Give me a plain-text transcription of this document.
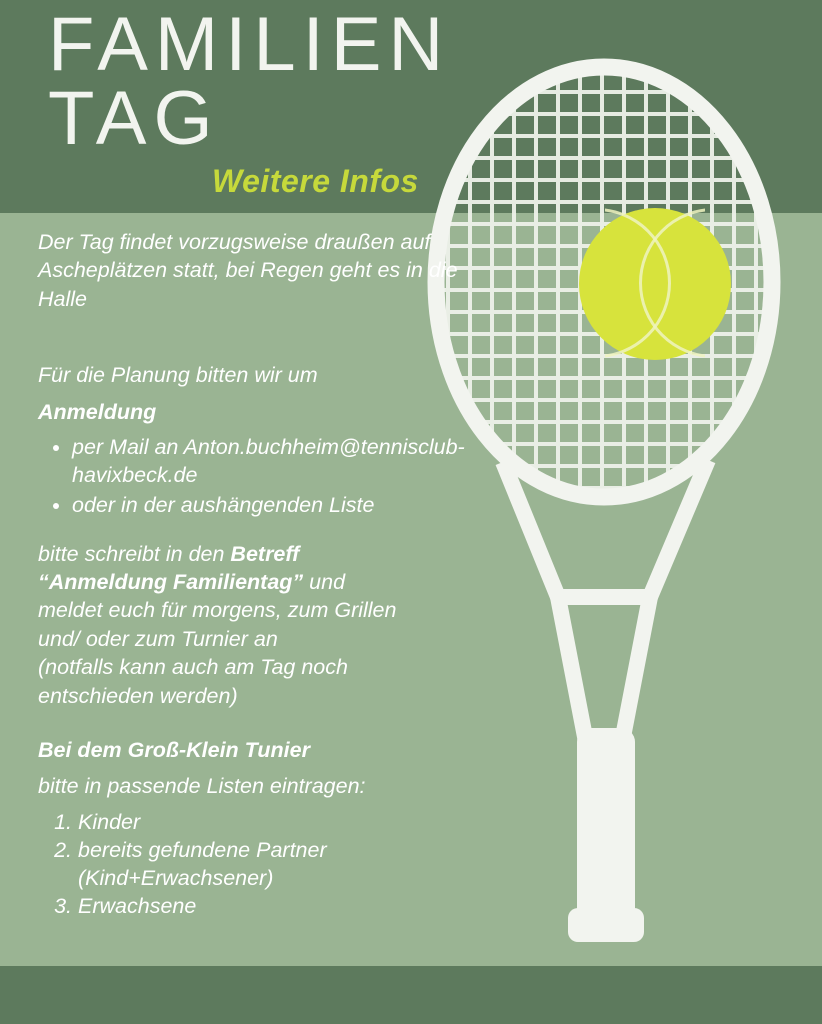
FAMILIEN
TAG
Weitere Infos

Der Tag findet vorzugsweise draußen auf Ascheplätzen statt, bei Regen geht es in die Halle

Für die Planung bitten wir um

Anmeldung

• per Mail an Anton.buchheim@tennisclub-havixbeck.de
• oder in der aushängenden Liste

bitte schreibt in den Betreff
“Anmeldung Familientag” und
meldet euch für morgens, zum Grillen
und/ oder zum Turnier an
(notfalls kann auch am Tag noch
entschieden werden)

Bei dem Groß-Klein Tunier

bitte in passende Listen eintragen:

1. Kinder
2. bereits gefundene Partner
(Kind+Erwachsener)
3. Erwachsene
